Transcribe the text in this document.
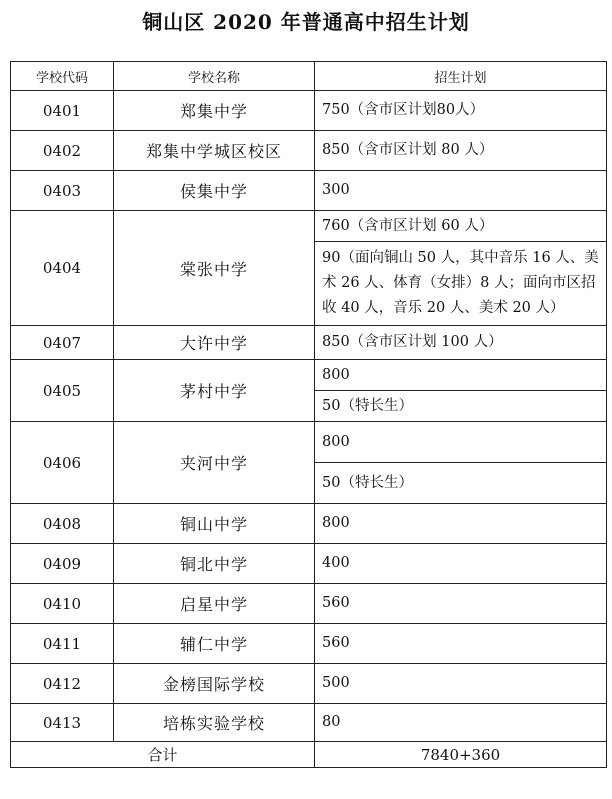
铜山区 2020 年普通高中招生计划
学校代码	学校名称	招生计划
0401	郑集中学	750（含市区计划80人）
0402	郑集中学城区校区	850（含市区计划 80 人）
0403	侯集中学	300
0404	棠张中学	760（含市区计划 60 人）
		90（面向铜山 50 人，其中音乐 16 人、美术 26 人、体育（女排）8 人；面向市区招收 40 人，音乐 20 人、美术 20 人）
0407	大许中学	850（含市区计划 100 人）
0405	茅村中学	800
		50（特长生）
0406	夹河中学	800
		50（特长生）
0408	铜山中学	800
0409	铜北中学	400
0410	启星中学	560
0411	辅仁中学	560
0412	金榜国际学校	500
0413	培栋实验学校	80
合计		7840+360
